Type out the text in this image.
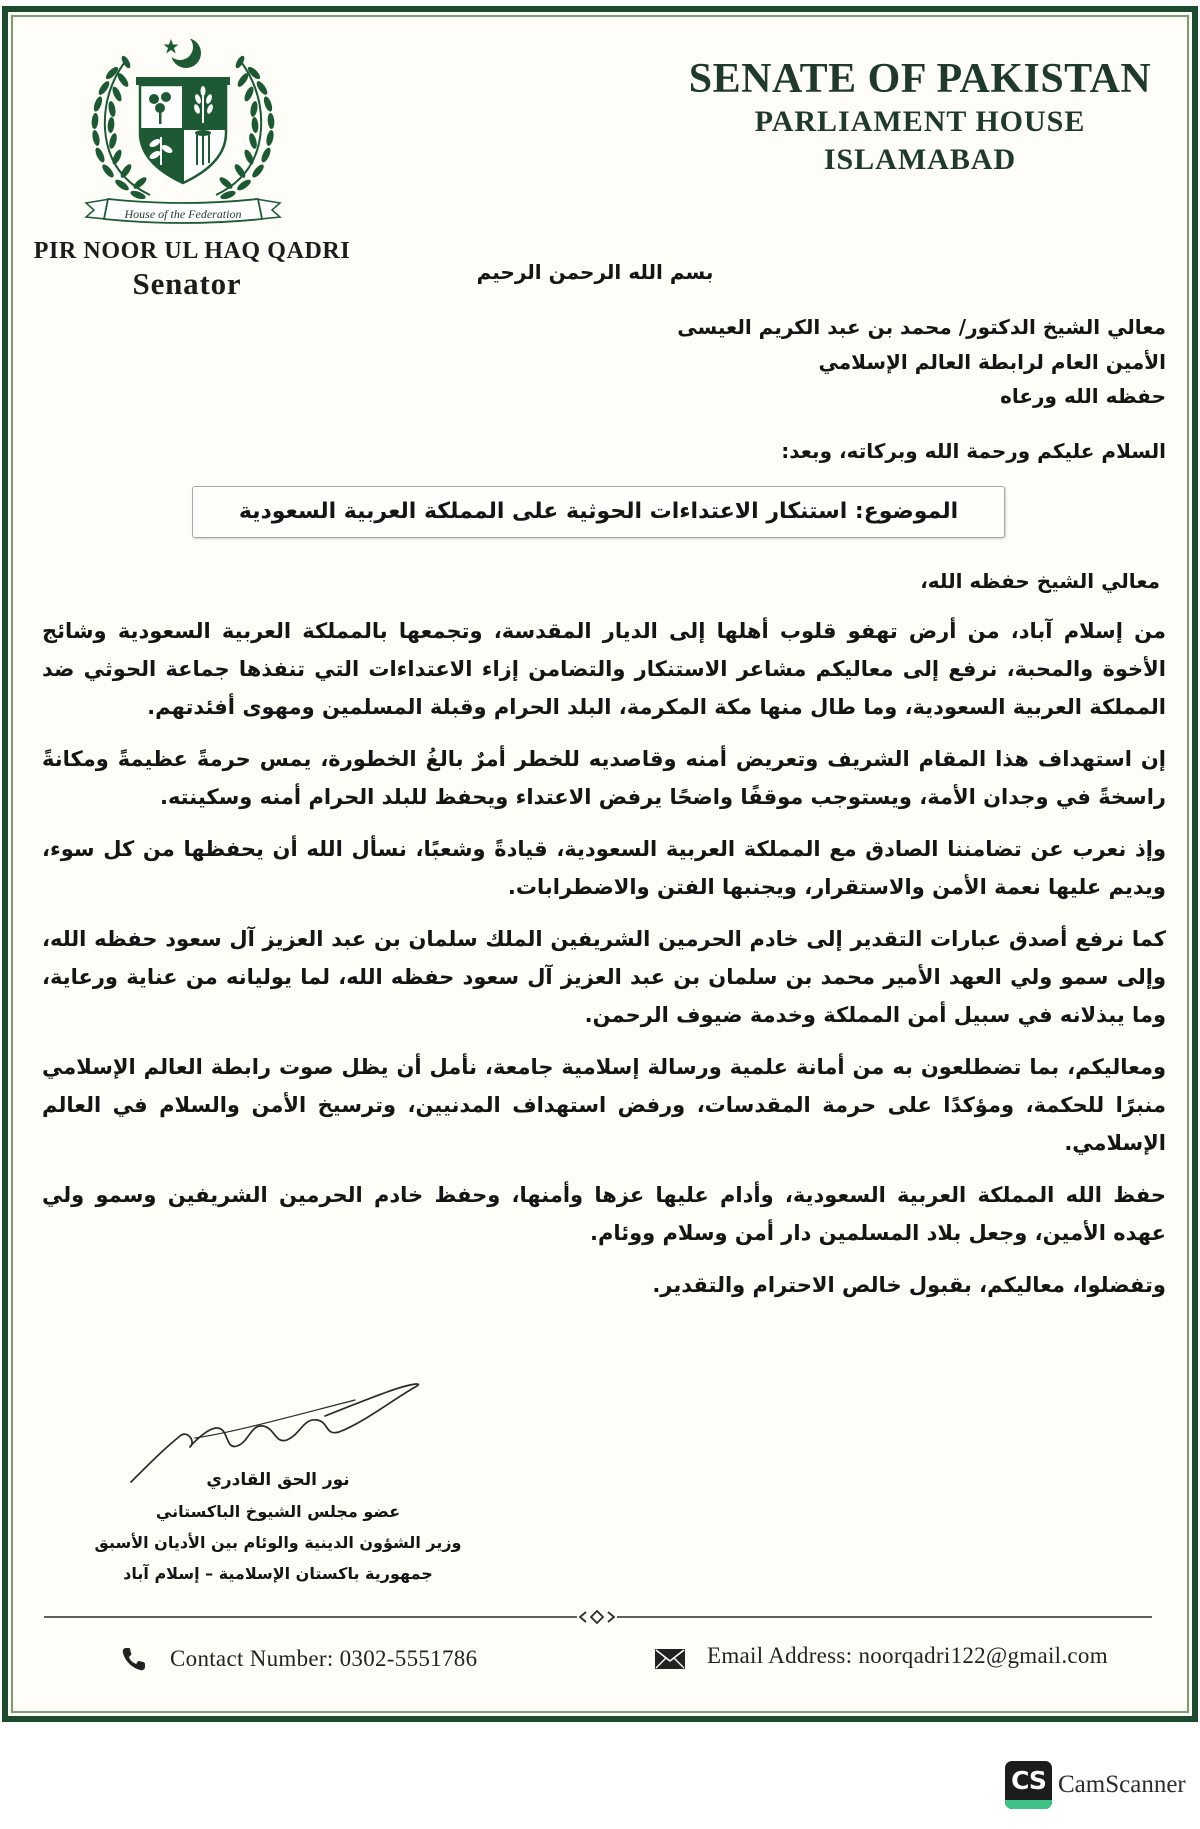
House of the Federation
PIR NOOR UL HAQ QADRI
Senator
SENATE OF PAKISTAN
PARLIAMENT HOUSE
ISLAMABAD
بسم الله الرحمن الرحيم
معالي الشيخ الدكتور/ محمد بن عبد الكريم العيسى
الأمين العام لرابطة العالم الإسلامي
حفظه الله ورعاه
السلام عليكم ورحمة الله وبركاته، وبعد:
الموضوع: استنكار الاعتداءات الحوثية على المملكة العربية السعودية
معالي الشيخ حفظه الله،

من إسلام آباد، من أرض تهفو قلوب أهلها إلى الديار المقدسة، وتجمعها بالمملكة العربية السعودية وشائج الأخوة والمحبة، نرفع إلى معاليكم مشاعر الاستنكار والتضامن إزاء الاعتداءات التي تنفذها جماعة الحوثي ضد المملكة العربية السعودية، وما طال منها مكة المكرمة، البلد الحرام وقبلة المسلمين ومهوى أفئدتهم.

إن استهداف هذا المقام الشريف وتعريض أمنه وقاصديه للخطر أمرٌ بالغُ الخطورة، يمس حرمةً عظيمةً ومكانةً راسخةً في وجدان الأمة، ويستوجب موقفًا واضحًا يرفض الاعتداء ويحفظ للبلد الحرام أمنه وسكينته.

وإذ نعرب عن تضامننا الصادق مع المملكة العربية السعودية، قيادةً وشعبًا، نسأل الله أن يحفظها من كل سوء، ويديم عليها نعمة الأمن والاستقرار، ويجنبها الفتن والاضطرابات.

كما نرفع أصدق عبارات التقدير إلى خادم الحرمين الشريفين الملك سلمان بن عبد العزيز آل سعود حفظه الله، وإلى سمو ولي العهد الأمير محمد بن سلمان بن عبد العزيز آل سعود حفظه الله، لما يوليانه من عناية ورعاية، وما يبذلانه في سبيل أمن المملكة وخدمة ضيوف الرحمن.

ومعاليكم، بما تضطلعون به من أمانة علمية ورسالة إسلامية جامعة، نأمل أن يظل صوت رابطة العالم الإسلامي منبرًا للحكمة، ومؤكدًا على حرمة المقدسات، ورفض استهداف المدنيين، وترسيخ الأمن والسلام في العالم الإسلامي.

حفظ الله المملكة العربية السعودية، وأدام عليها عزها وأمنها، وحفظ خادم الحرمين الشريفين وسمو ولي عهده الأمين، وجعل بلاد المسلمين دار أمن وسلام ووئام.

وتفضلوا، معاليكم، بقبول خالص الاحترام والتقدير.

نور الحق القادري
عضو مجلس الشيوخ الباكستاني
وزير الشؤون الدينية والوئام بين الأديان الأسبق
جمهورية باكستان الإسلامية – إسلام آباد
Contact Number: 0302-5551786	Email Address: noorqadri122@gmail.com
CS CamScanner
